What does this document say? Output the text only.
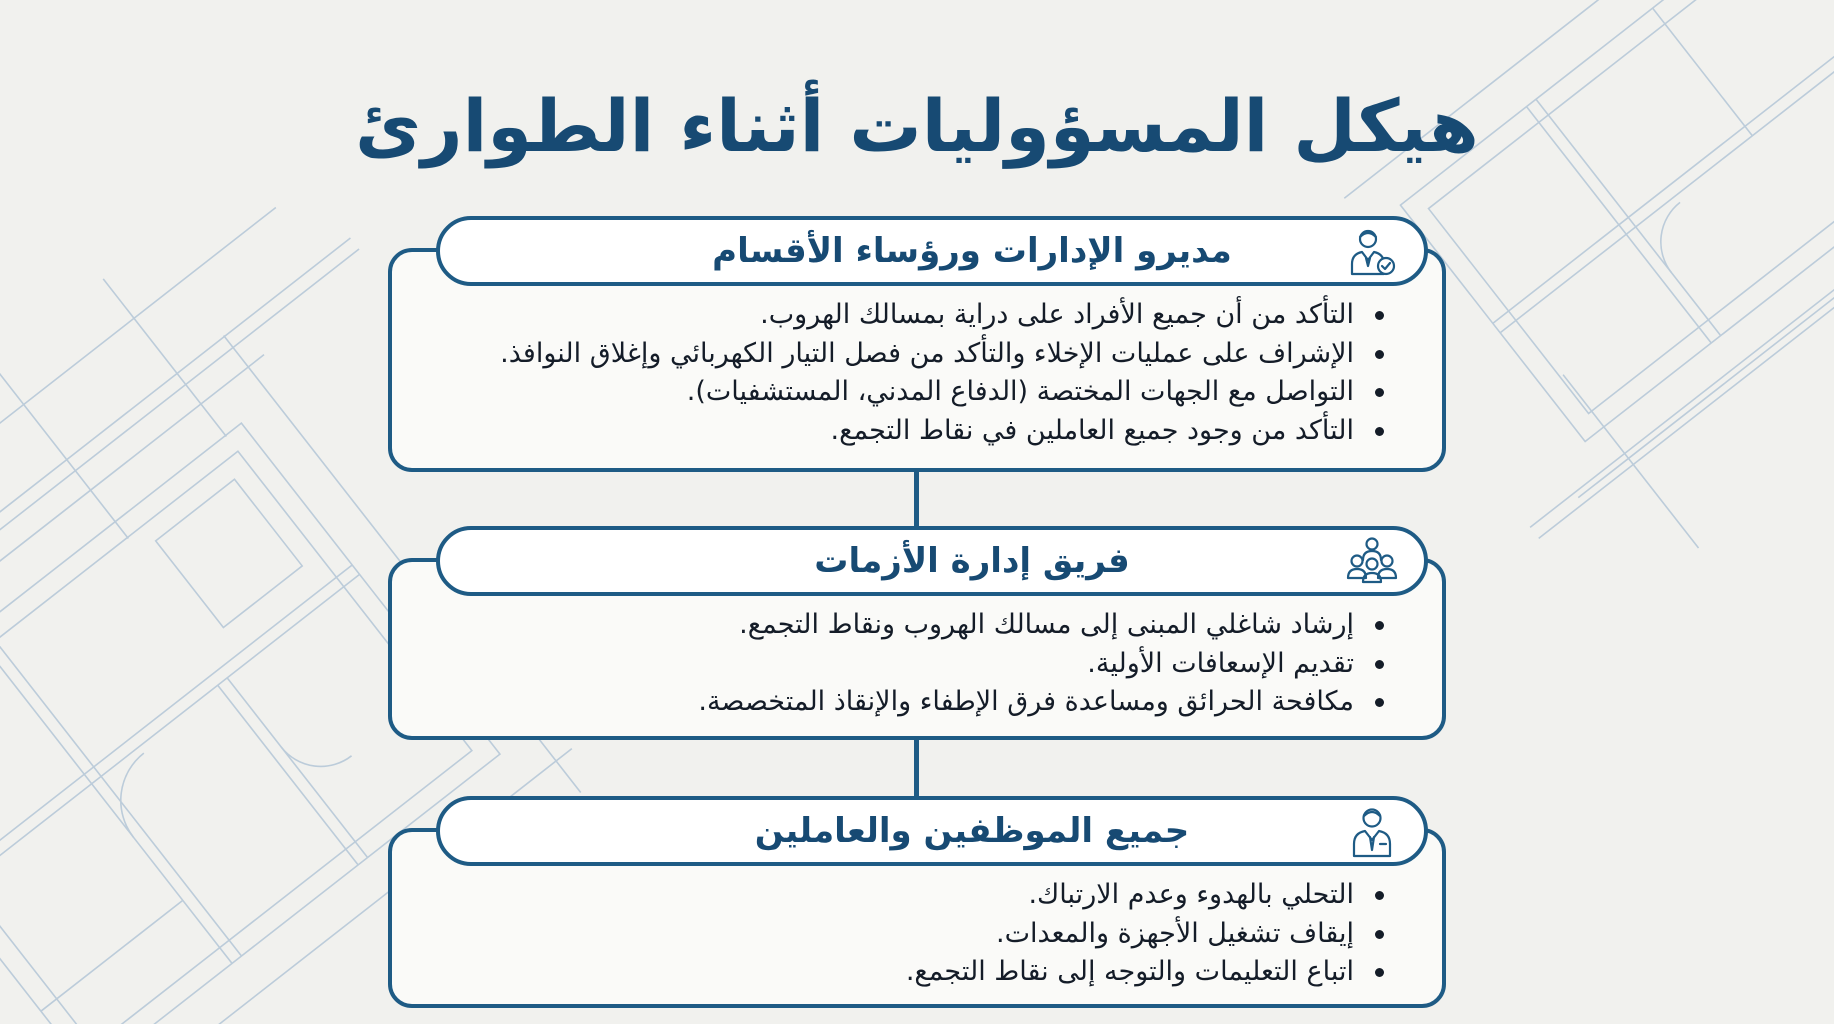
هيكل المسؤوليات أثناء الطوارئ
مديرو الإدارات ورؤساء الأقسام
التأكد من أن جميع الأفراد على دراية بمسالك الهروب.
الإشراف على عمليات الإخلاء والتأكد من فصل التيار الكهربائي وإغلاق النوافذ.
التواصل مع الجهات المختصة (الدفاع المدني، المستشفيات).
التأكد من وجود جميع العاملين في نقاط التجمع.
فريق إدارة الأزمات
إرشاد شاغلي المبنى إلى مسالك الهروب ونقاط التجمع.
تقديم الإسعافات الأولية.
مكافحة الحرائق ومساعدة فرق الإطفاء والإنقاذ المتخصصة.
جميع الموظفين والعاملين
التحلي بالهدوء وعدم الارتباك.
إيقاف تشغيل الأجهزة والمعدات.
اتباع التعليمات والتوجه إلى نقاط التجمع.
